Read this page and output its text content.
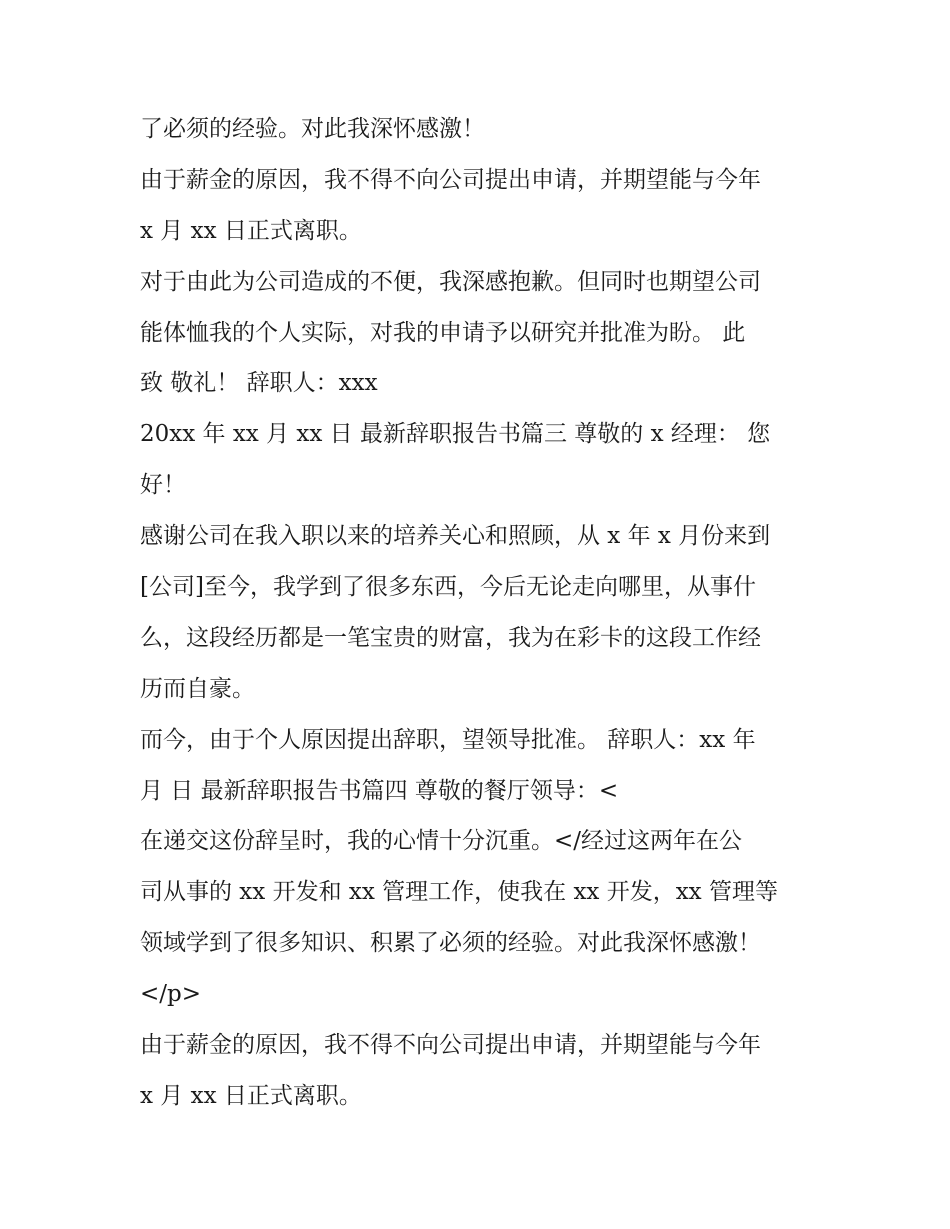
了必须的经验。对此我深怀感激！
由于薪金的原因，我不得不向公司提出申请，并期望能与今年
x 月 xx 日正式离职。
对于由此为公司造成的不便，我深感抱歉。但同时也期望公司
能体恤我的个人实际，对我的申请予以研究并批准为盼。 此
致 敬礼！ 辞职人：xxx
20xx 年 xx 月 xx 日 最新辞职报告书篇三 尊敬的 x 经理： 您
好！
感谢公司在我入职以来的培养关心和照顾，从 x 年 x 月份来到
[公司]至今，我学到了很多东西，今后无论走向哪里，从事什
么，这段经历都是一笔宝贵的财富，我为在彩卡的这段工作经
历而自豪。
而今，由于个人原因提出辞职，望领导批准。 辞职人：xx 年
月 日 最新辞职报告书篇四 尊敬的餐厅领导：<
在递交这份辞呈时，我的心情十分沉重。</经过这两年在公
司从事的 xx 开发和 xx 管理工作，使我在 xx 开发，xx 管理等
领域学到了很多知识、积累了必须的经验。对此我深怀感激！
</p>
由于薪金的原因，我不得不向公司提出申请，并期望能与今年
x 月 xx 日正式离职。
